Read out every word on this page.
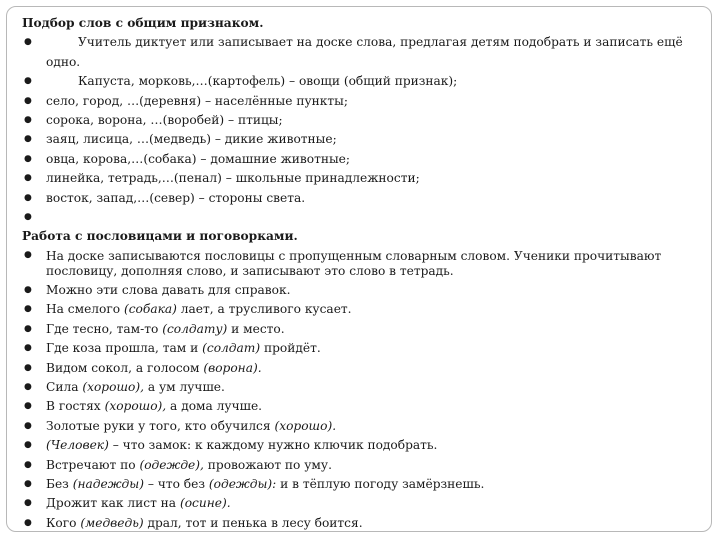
Подбор слов с общим признаком.

● Учитель диктует или записывает на доске слова, предлагая детям подобрать и записать ещё одно.
● Капуста, морковь,…(картофель) – овощи (общий признак);
● село, город, …(деревня) – населённые пункты;
● сорока, ворона, …(воробей) – птицы;
● заяц, лисица, …(медведь) – дикие животные;
● овца, корова,…(собака) – домашние животные;
● линейка, тетрадь,…(пенал) – школьные принадлежности;
● восток, запад,…(север) – стороны света.
●

Работа с пословицами и поговорками.

● На доске записываются пословицы с пропущенным словарным словом. Ученики прочитывают пословицу, дополняя слово, и записывают это слово в тетрадь.
● Можно эти слова давать для справок.
● На смелого (собака) лает, а трусливого кусает.
● Где тесно, там-то (солдату) и место.
● Где коза прошла, там и (солдат) пройдёт.
● Видом сокол, а голосом (ворона).
● Сила (хорошо), а ум лучше.
● В гостях (хорошо), а дома лучше.
● Золотые руки у того, кто обучился (хорошо).
● (Человек) – что замок: к каждому нужно ключик подобрать.
● Встречают по (одежде), провожают по уму.
● Без (надежды) – что без (одежды): и в тёплую погоду замёрзнешь.
● Дрожит как лист на (осине).
● Кого (медведь) драл, тот и пенька в лесу боится.
